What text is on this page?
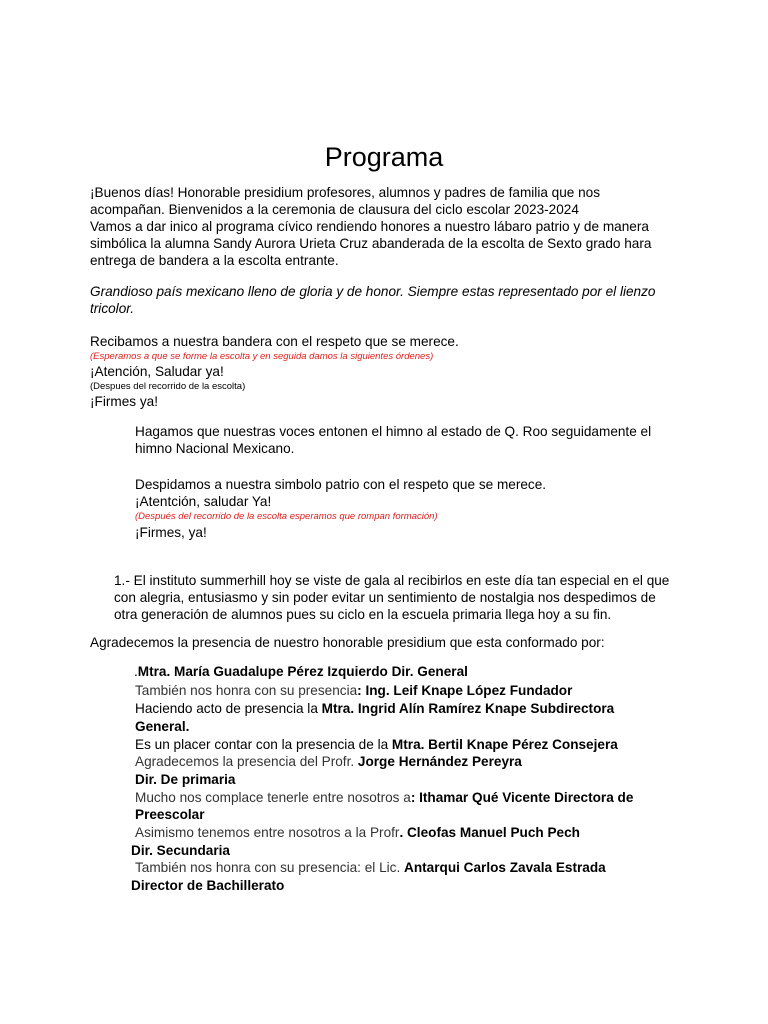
Programa

¡Buenos días! Honorable presidium profesores, alumnos y padres de familia que nos

acompañan. Bienvenidos a la ceremonia de clausura del ciclo escolar 2023-2024

Vamos a dar inico al programa cívico rendiendo honores a nuestro lábaro patrio y de manera

simbólica la alumna Sandy Aurora Urieta Cruz abanderada de la escolta de Sexto grado hara

entrega de bandera a la escolta entrante.

Grandioso país mexicano lleno de gloria y de honor. Siempre estas representado por el lienzo

tricolor.

Recibamos a nuestra bandera con el respeto que se merece.

(Esperamos a que se forme la escolta y en seguida damos la siguientes órdenes)

¡Atención, Saludar ya!

(Despues del recorrido de la escolta)

¡Firmes ya!

Hagamos que nuestras voces entonen el himno al estado de Q. Roo seguidamente el

himno Nacional Mexicano.

Despidamos a nuestra simbolo patrio con el respeto que se merece.

¡Atentción, saludar Ya!

(Después del recorrido de la escolta esperamos que rompan formación)

¡Firmes, ya!

1.- El instituto summerhill hoy se viste de gala al recibirlos en este día tan especial en el que

con alegria, entusiasmo y sin poder evitar un sentimiento de nostalgia nos despedimos de

otra generación de alumnos pues su ciclo en la escuela primaria llega hoy a su fin.

Agradecemos la presencia de nuestro honorable presidium que esta conformado por:
.Mtra. María Guadalupe Pérez Izquierdo Dir. General
También nos honra con su presencia: Ing. Leif Knape López Fundador
Haciendo acto de presencia la Mtra. Ingrid Alín Ramírez Knape Subdirectora
General.
Es un placer contar con la presencia de la Mtra. Bertil Knape Pérez Consejera
Agradecemos la presencia del Profr. Jorge Hernández Pereyra
Dir. De primaria
Mucho nos complace tenerle entre nosotros a: Ithamar Qué Vicente Directora de
Preescolar
Asimismo tenemos entre nosotros a la Profr. Cleofas Manuel Puch Pech
Dir. Secundaria
También nos honra con su presencia: el Lic. Antarqui Carlos Zavala Estrada
Director de Bachillerato
